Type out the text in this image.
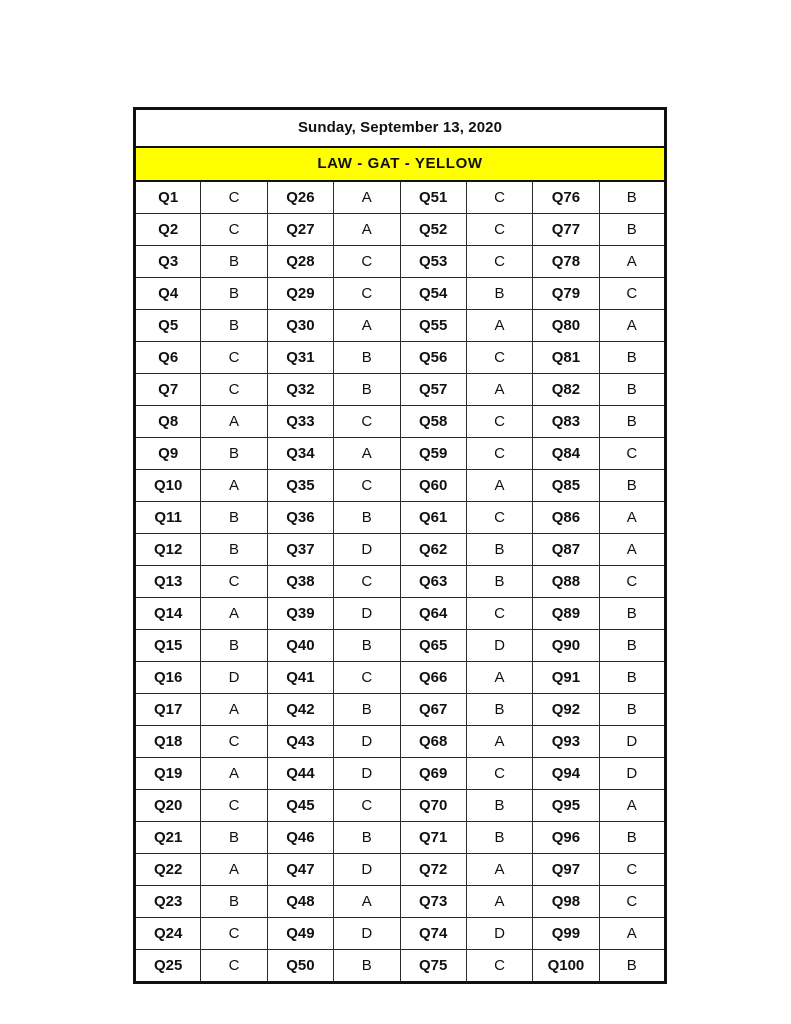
Sunday, September 13, 2020							
LAW - GAT - YELLOW							
Q1	C	Q26	A	Q51	C	Q76	B
Q2	C	Q27	A	Q52	C	Q77	B
Q3	B	Q28	C	Q53	C	Q78	A
Q4	B	Q29	C	Q54	B	Q79	C
Q5	B	Q30	A	Q55	A	Q80	A
Q6	C	Q31	B	Q56	C	Q81	B
Q7	C	Q32	B	Q57	A	Q82	B
Q8	A	Q33	C	Q58	C	Q83	B
Q9	B	Q34	A	Q59	C	Q84	C
Q10	A	Q35	C	Q60	A	Q85	B
Q11	B	Q36	B	Q61	C	Q86	A
Q12	B	Q37	D	Q62	B	Q87	A
Q13	C	Q38	C	Q63	B	Q88	C
Q14	A	Q39	D	Q64	C	Q89	B
Q15	B	Q40	B	Q65	D	Q90	B
Q16	D	Q41	C	Q66	A	Q91	B
Q17	A	Q42	B	Q67	B	Q92	B
Q18	C	Q43	D	Q68	A	Q93	D
Q19	A	Q44	D	Q69	C	Q94	D
Q20	C	Q45	C	Q70	B	Q95	A
Q21	B	Q46	B	Q71	B	Q96	B
Q22	A	Q47	D	Q72	A	Q97	C
Q23	B	Q48	A	Q73	A	Q98	C
Q24	C	Q49	D	Q74	D	Q99	A
Q25	C	Q50	B	Q75	C	Q100	B
